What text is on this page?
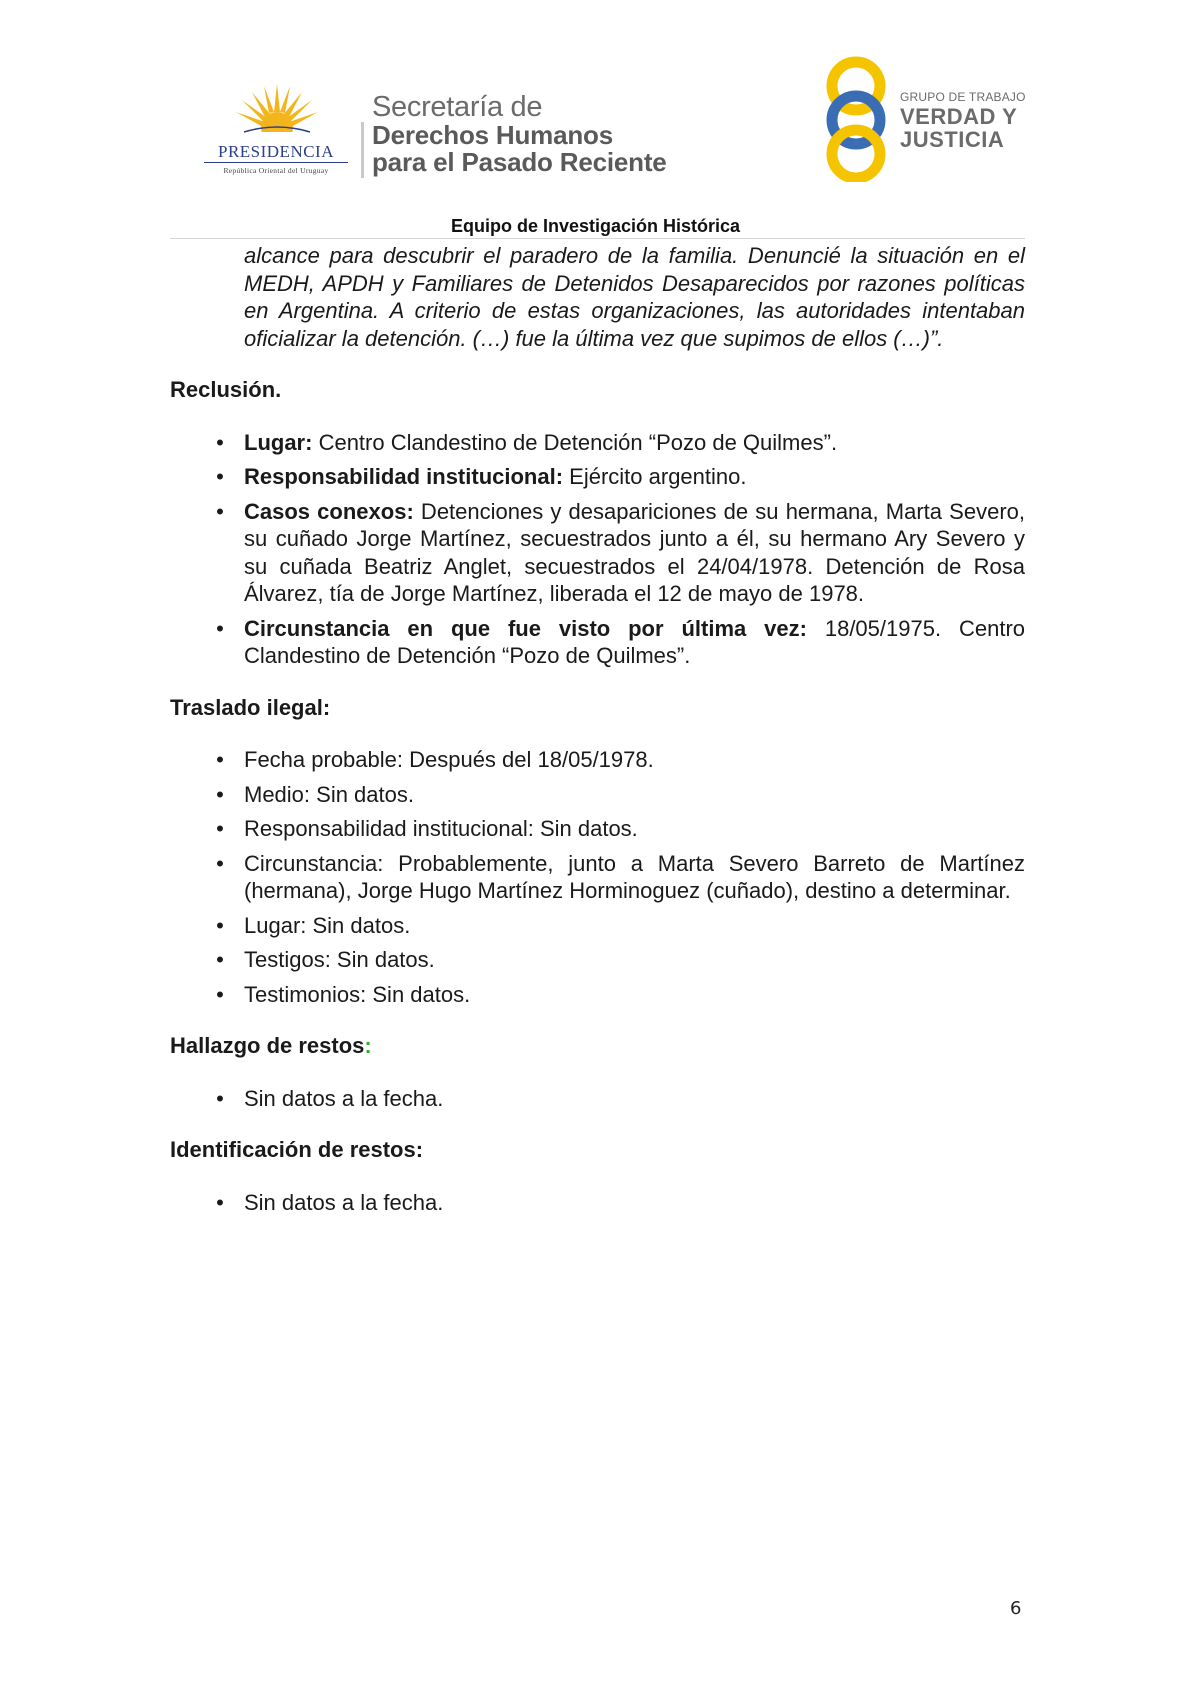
PRESIDENCIA
República Oriental del Uruguay
Secretaría de
Derechos Humanos
para el Pasado Reciente
GRUPO DE TRABAJO
VERDAD Y
JUSTICIA
Equipo de Investigación Histórica
alcance para descubrir el paradero de la familia. Denuncié la situación en el MEDH, APDH y Familiares de Detenidos Desaparecidos por razones políticas en Argentina. A criterio de estas organizaciones, las autoridades intentaban oficializar la detención. (…) fue la última vez que supimos de ellos (…)”.
Reclusión.
• Lugar: Centro Clandestino de Detención “Pozo de Quilmes”.
• Responsabilidad institucional: Ejército argentino.
• Casos conexos: Detenciones y desapariciones de su hermana, Marta Severo, su cuñado Jorge Martínez, secuestrados junto a él, su hermano Ary Severo y su cuñada Beatriz Anglet, secuestrados el 24/04/1978. Detención de Rosa Álvarez, tía de Jorge Martínez, liberada el 12 de mayo de 1978.
• Circunstancia en que fue visto por última vez: 18/05/1975. Centro Clandestino de Detención “Pozo de Quilmes”.
Traslado ilegal:
• Fecha probable: Después del 18/05/1978.
• Medio: Sin datos.
• Responsabilidad institucional: Sin datos.
• Circunstancia: Probablemente, junto a Marta Severo Barreto de Martínez (hermana), Jorge Hugo Martínez Horminoguez (cuñado), destino a determinar.
• Lugar: Sin datos.
• Testigos: Sin datos.
• Testimonios: Sin datos.
Hallazgo de restos:
• Sin datos a la fecha.
Identificación de restos:
• Sin datos a la fecha.
6
